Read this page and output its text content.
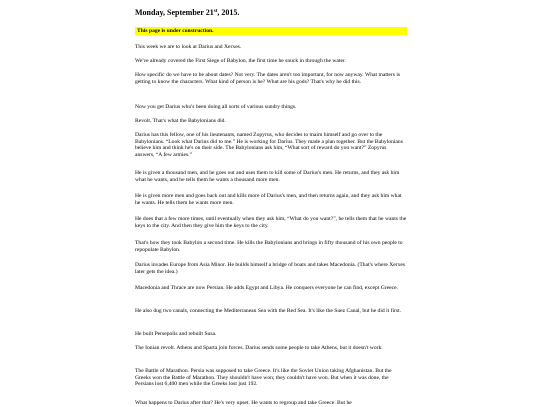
Monday, September 21st, 2015.

This page is under construction.

This week we are to look at Darius and Xerxes.

We've already covered the First Siege of Babylon, the first time he snuck in through the water.

How specific do we have to be about dates? Not very. The dates aren't too important, for now anyway. What matters is getting to know the characters. What kind of person is he? What are his gods? That's why he did this.

Now you get Darius who's been doing all sorts of various sundry things.

Revolt. That's what the Babylonians did.

Darius has this fellow, one of his lieutenants, named Zopyrus, who decides to maim himself and go over to the Babylonians. “Look what Darius did to me.” He is working for Darius. They made a plan together. But the Babylonians believe him and think he's on their side. The Babylonians ask him, “What sort of reward do you want?” Zopyrus answers, “A few armies.”

He is given a thousand men, and he goes out and uses them to kill some of Darius's men. He returns, and they ask him what he wants, and he tells them he wants a thousand more men.

He is given more men and goes back out and kills more of Darius's men, and then returns again, and they ask him what he wants. He tells them he wants more men.

He does that a few more times, until eventually when they ask him, “What do you want?”, he tells them that he wants the keys to the city. And then they give him the keys to the city.

That's how they took Babylon a second time. He kills the Babylonians and brings in fifty thousand of his own people to repopulate Babylon.

Darius invades Europe from Asia Minor. He builds himself a bridge of boats and takes Macedonia. (That's where Xerxes later gets the idea.)

Macedonia and Thrace are now Persian. He adds Egypt and Libya. He conquers everyone he can find, except Greece.

He also dug two canals, connecting the Mediterranean Sea with the Red Sea. It's like the Suez Canal, but he did it first.

He built Persepolis and rebuilt Susa.

The Ionian revolt. Athens and Sparta join forces. Darius sends some people to take Athens, but it doesn't work.

The Battle of Marathon. Persia was supposed to take Greece. It's like the Soviet Union taking Afghanistan. But the Greeks won the Battle of Marathon. They shouldn't have won; they couldn't have won. But when it was done, the Persians lost 6,400 men while the Greeks lost just 192.

What happens to Darius after that? He's very upset. He wants to regroup and take Greece. But he
